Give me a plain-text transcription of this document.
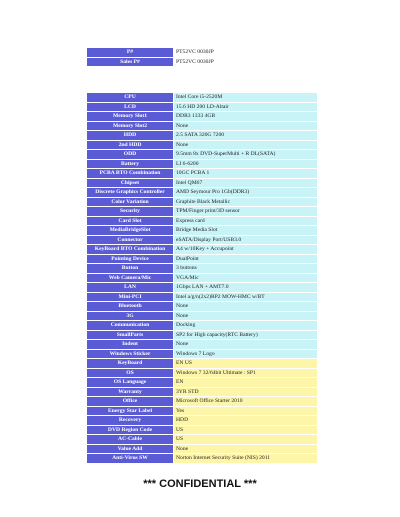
P#	PT52VC 0030JP
Sales P#	PT52VC 0030JP
CPU	Intel Core i5-2520M
LCD	15.6 HD 200 LD-Altair
Memory Slot1	DDR3 1333 4GB
Memory Slot2	None
HDD	2.5 SATA 320G 7200
2nd HDD	None
ODD	9.5mm 8x DVD-SuperMulti + R DL(SATA)
Battery	LI 6-6200
PCBA BTO Combination	10GC PCBA 1
Chipset	Intel QM67
Discrete Graphics Controller	AMD Seymour Pro 1Gb(DDR3)
Color Variation	Graphite Black Metallic
Security	TPM/Finger print/3D sensor
Card Slot	Express card
MediaBridgeSlot	Bridge Media Slot
Connector	eSATA/Display Port/USB3.0
KeyBoard BTO Combination	A4 w/10Key + Accupoint
Pointing Device	DualPoint
Button	3 buttons
Web Camera/Mic	VGA/Mic
LAN	1Gbps LAN + AMT7.0
Mini-PCI	Intel a/g/n(2x2)RP2 MOW-HMC w/BT
Bluetooth	None
3G	None
Communication	Docking
SmallParts	SP2 for High capacity(RTC Battery)
Indent	None
Windows Sticker	Windows 7 Logo
KeyBoard	EN US
OS	Windows 7 32/64bit Ultimate : SP1
OS Language	EN
Warranty	3YR STD
Office	Microsoft Office Starter 2010
Energy Star Label	Yes
Recovery	HDD
DVD Region Code	US
AC-Cable	US
Value Add	None
Anti-Virus SW	Norton Internet Security Suite (NIS) 2011
*** CONFIDENTIAL ***
